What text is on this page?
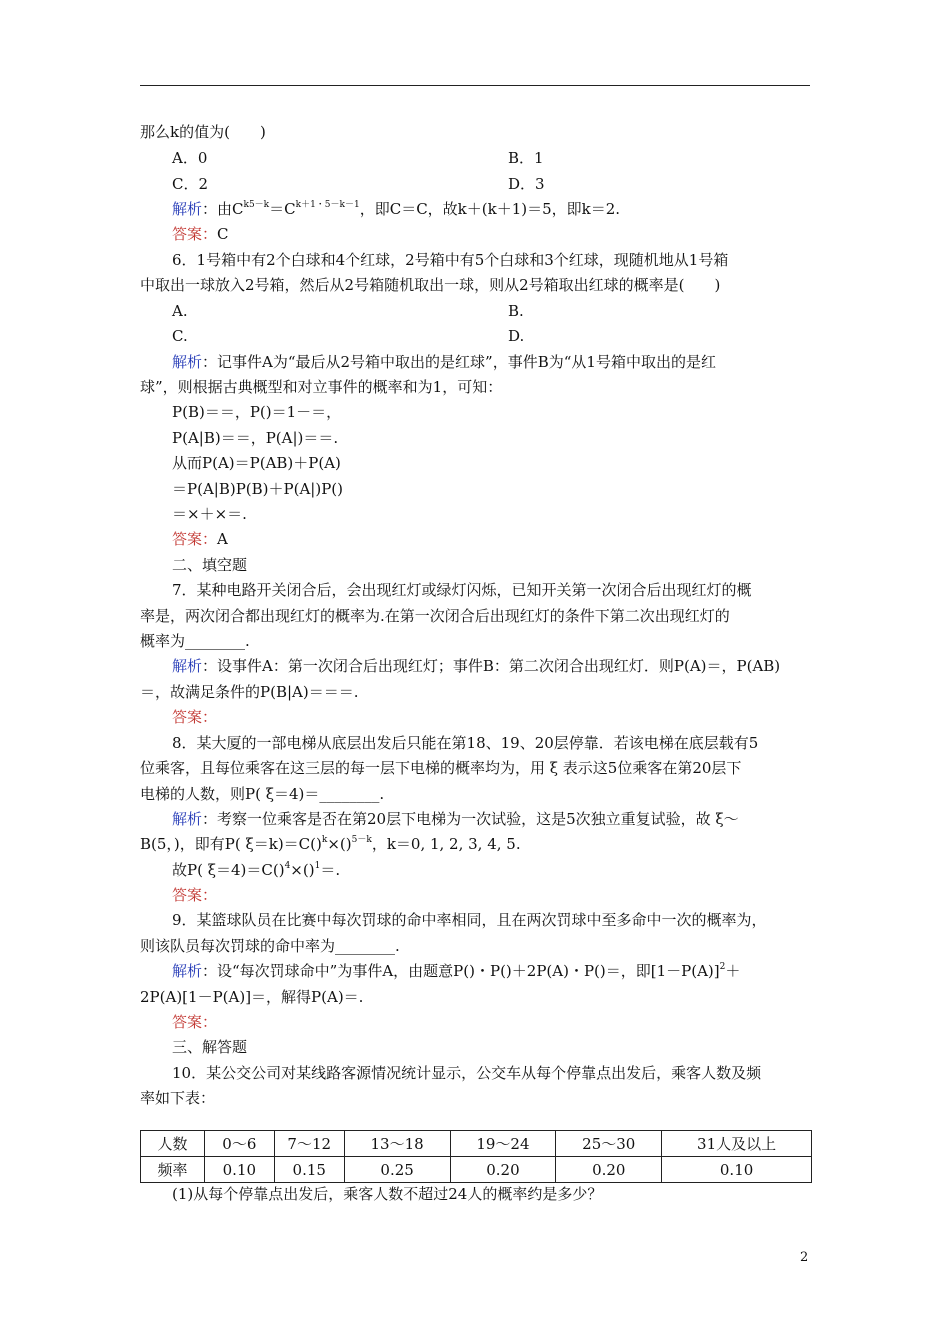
那么k的值为(　　)
A．0	B．1
C．2	D．3
解析：由$C^{k5-k}=C^{k+1・5-k-1}$，即C＝C，故k＋(k＋1)＝5，即k＝2.
答案：C
6．1号箱中有2个白球和4个红球，2号箱中有5个白球和3个红球，现随机地从1号箱
中取出一球放入2号箱，然后从2号箱随机取出一球，则从2号箱取出红球的概率是(　　)
A.	B.
C.	D.
解析：记事件A为“最后从2号箱中取出的是红球”，事件B为“从1号箱中取出的是红
球”，则根据古典概型和对立事件的概率和为1，可知：
P(B)＝＝，P()＝1－＝，
P(A|B)＝＝，P(A|)＝＝.
从而P(A)＝P(AB)＋P(A)
＝P(A|B)P(B)＋P(A|)P()
＝×＋×＝.
答案：A
二、填空题
7．某种电路开关闭合后，会出现红灯或绿灯闪烁，已知开关第一次闭合后出现红灯的概
率是，两次闭合都出现红灯的概率为.在第一次闭合后出现红灯的条件下第二次出现红灯的
概率为________.
解析：设事件A：第一次闭合后出现红灯；事件B：第二次闭合出现红灯．则P(A)＝，P(AB)
＝，故满足条件的P(B|A)＝＝＝.
答案：
8．某大厦的一部电梯从底层出发后只能在第18、19、20层停靠．若该电梯在底层载有5
位乘客，且每位乘客在这三层的每一层下电梯的概率均为，用 ξ 表示这5位乘客在第20层下
电梯的人数，则P( ξ＝4)＝________.
解析：考察一位乘客是否在第20层下电梯为一次试验，这是5次独立重复试验，故 ξ～
B(5，)，即有P( ξ＝k)＝C()$^k$×()$^{5-k}$，k＝0, 1, 2, 3, 4, 5.
故P( ξ＝4)＝C()$^4$×()$^1$＝.
答案：
9．某篮球队员在比赛中每次罚球的命中率相同，且在两次罚球中至多命中一次的概率为，
则该队员每次罚球的命中率为________.
解析：设“每次罚球命中”为事件A，由题意P()・P()＋2P(A)・P()＝，即$[1-P(A)]^2+$
2P(A)[1－P(A)]＝，解得P(A)＝.
答案：
三、解答题
10．某公交公司对某线路客源情况统计显示，公交车从每个停靠点出发后，乘客人数及频
率如下表：
人数	0～6	7～12	13～18	19～24	25～30	31人及以上
频率	0.10	0.15	0.25	0.20	0.20	0.10
(1)从每个停靠点出发后，乘客人数不超过24人的概率约是多少？
2
